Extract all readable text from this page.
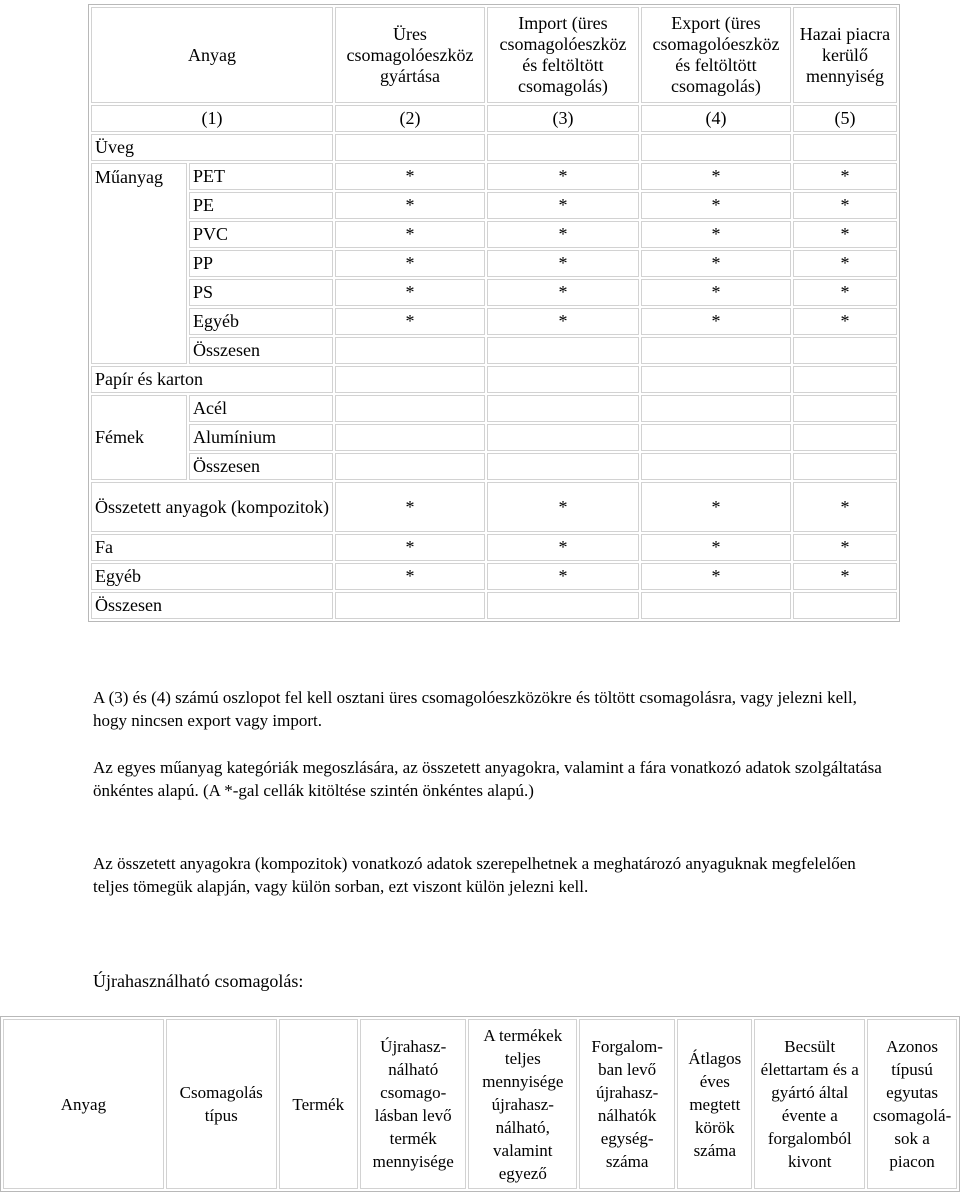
Anyag		Üres csomagolóeszköz gyártása	Import (üres csomagolóeszköz és feltöltött csomagolás)	Export (üres csomagolóeszköz és feltöltött csomagolás)	Hazai piacra kerülő mennyiség
(1)		(2)	(3)	(4)	(5)
Üveg					
Műanyag	PET	*	*	*	*
	PE	*	*	*	*
	PVC	*	*	*	*
	PP	*	*	*	*
	PS	*	*	*	*
	Egyéb	*	*	*	*
	Összesen				
Papír és karton					
Fémek	Acél				
	Alumínium				
	Összesen				
Összetett anyagok (kompozitok)		*	*	*	*
Fa		*	*	*	*
Egyéb		*	*	*	*
Összesen					

A (3) és (4) számú oszlopot fel kell osztani üres csomagolóeszközökre és töltött csomagolásra, vagy jelezni kell, hogy nincsen export vagy import.

Az egyes műanyag kategóriák megoszlására, az összetett anyagokra, valamint a fára vonatkozó adatok szolgáltatása önkéntes alapú. (A *-gal cellák kitöltése szintén önkéntes alapú.)

Az összetett anyagokra (kompozitok) vonatkozó adatok szerepelhetnek a meghatározó anyaguknak megfelelően teljes tömegük alapján, vagy külön sorban, ezt viszont külön jelezni kell.

Újrahasználható csomagolás:

Anyag	Csomagolás típus	Termék	Újrahasz-nálható csomago-lásban levő termék mennyisége	A termékek teljes mennyisége újrahasz-nálható, valamint egyező	Forgalom-ban levő újrahasz-nálhatók egység-száma	Átlagos éves megtett körök száma	Becsült élettartam és a gyártó által évente a forgalomból kivont	Azonos típusú egyutas csomagolá-sok a piacon
